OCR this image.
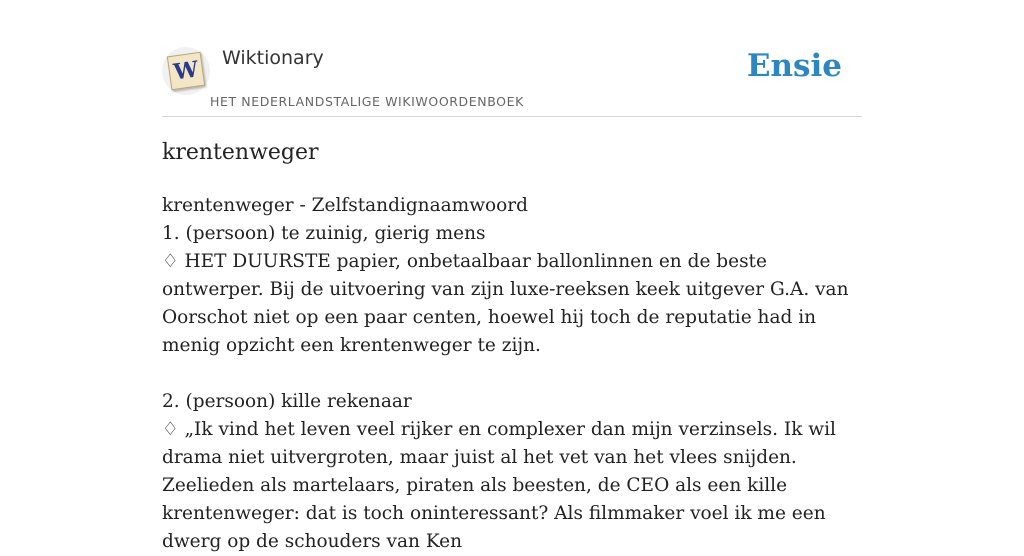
W Wiktionary
HET NEDERLANDSTALIGE WIKIWOORDENBOEK
Ensie
krentenweger

krentenweger - Zelfstandignaamwoord

1. (persoon) te zuinig, gierig mens

♢ HET DUURSTE papier, onbetaalbaar ballonlinnen en de beste ontwerper. Bij de uitvoering van zijn luxe-reeksen keek uitgever G.A. van Oorschot niet op een paar centen, hoewel hij toch de reputatie had in menig opzicht een krentenweger te zijn.

2. (persoon) kille rekenaar

♢ „Ik vind het leven veel rijker en complexer dan mijn verzinsels. Ik wil drama niet uitvergroten, maar juist al het vet van het vlees snijden. Zeelieden als martelaars, piraten als beesten, de CEO als een kille krentenweger: dat is toch oninteressant? Als filmmaker voel ik me een dwerg op de schouders van Ken
